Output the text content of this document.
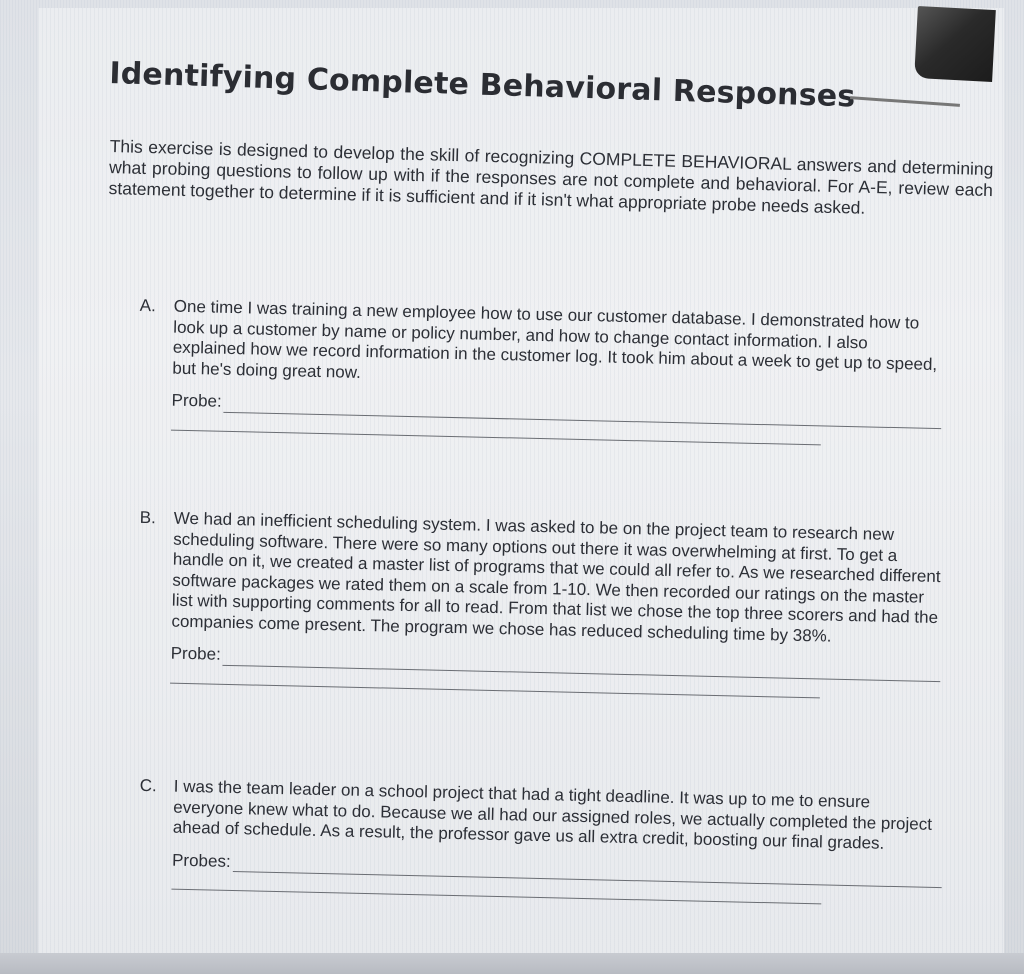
Identifying Complete Behavioral Responses
This exercise is designed to develop the skill of recognizing COMPLETE BEHAVIORAL answers and determining what probing questions to follow up with if the responses are not complete and behavioral. For A-E, review each statement together to determine if it is sufficient and if it isn't what appropriate probe needs asked.
A. One time I was training a new employee how to use our customer database. I demonstrated how to look up a customer by name or policy number, and how to change contact information. I also explained how we record information in the customer log. It took him about a week to get up to speed, but he's doing great now.
Probe:
B. We had an inefficient scheduling system. I was asked to be on the project team to research new scheduling software. There were so many options out there it was overwhelming at first. To get a handle on it, we created a master list of programs that we could all refer to. As we researched different software packages we rated them on a scale from 1-10. We then recorded our ratings on the master list with supporting comments for all to read. From that list we chose the top three scorers and had the companies come present. The program we chose has reduced scheduling time by 38%.
Probe:
C. I was the team leader on a school project that had a tight deadline. It was up to me to ensure everyone knew what to do. Because we all had our assigned roles, we actually completed the project ahead of schedule. As a result, the professor gave us all extra credit, boosting our final grades.
Probes:
